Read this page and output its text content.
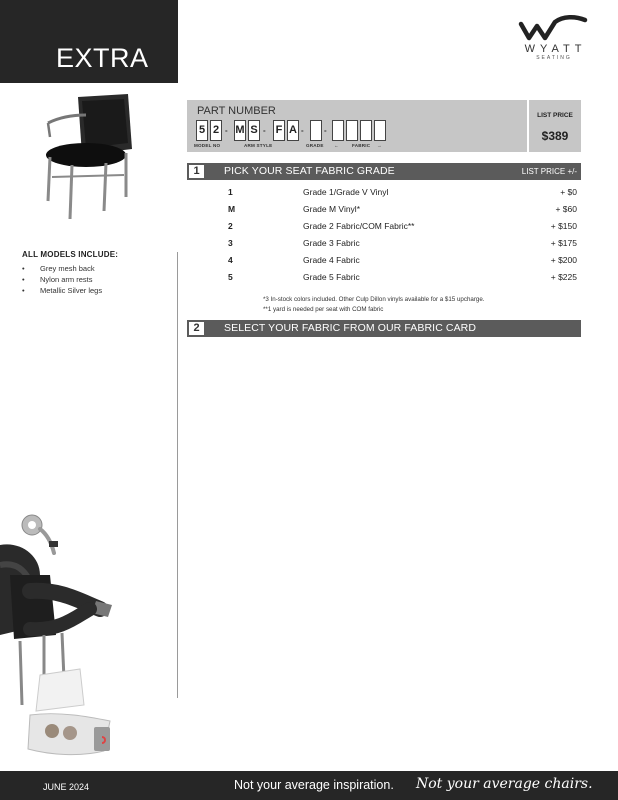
EXTRA	WYATT
SEATING
ALL MODELS INCLUDE:
• Grey mesh back
• Nylon arm rests
• Metallic Silver legs
PART NUMBER	LIST PRICE
$389
5 2 - M S - F A -	-
MODEL NO	ARM STYLE	GRADE ←	FABRIC →
1	PICK YOUR SEAT FABRIC GRADE	LIST PRICE +/-
1	Grade 1/Grade V Vinyl	+ $0
M	Grade M Vinyl*	+ $60
2	Grade 2 Fabric/COM Fabric**	+ $150
3	Grade 3 Fabric	+ $175
4	Grade 4 Fabric	+ $200
5	Grade 5 Fabric	+ $225
*3 In-stock colors included. Other Culp Dillon vinyls available for a $15 upcharge.
**1 yard is needed per seat with COM fabric
2	SELECT YOUR FABRIC FROM OUR FABRIC CARD
JUNE 2024	Not your average inspiration. Not your average chairs.
